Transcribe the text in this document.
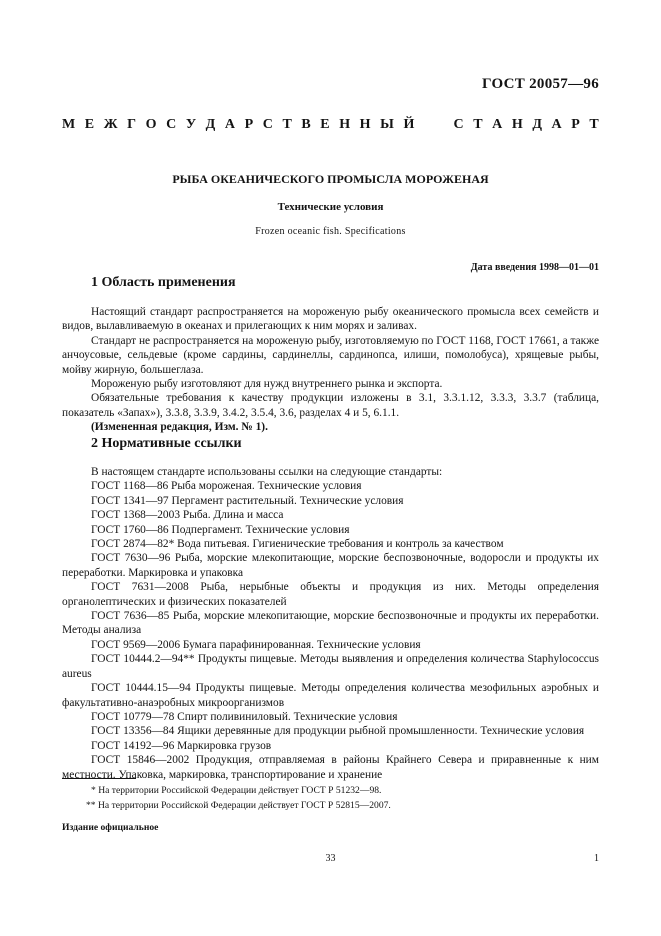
ГОСТ 20057—96
М Е Ж Г О С У Д А Р С Т В Е Н Н Ы Й	С Т А Н Д А Р Т
РЫБА ОКЕАНИЧЕСКОГО ПРОМЫСЛА МОРОЖЕНАЯ
Технические условия
Frozen oceanic fish. Specifications
Дата введения 1998—01—01
1 Область применения

Настоящий стандарт распространяется на мороженую рыбу океанического промысла всех семейств и видов, вылавливаемую в океанах и прилегающих к ним морях и заливах.

Стандарт не распространяется на мороженую рыбу, изготовляемую по ГОСТ 1168, ГОСТ 17661, а также анчоусовые, сельдевые (кроме сардины, сардинеллы, сардинопса, илиши, помолобуса), хрящевые рыбы, мойву жирную, большеглаза.

Мороженую рыбу изготовляют для нужд внутреннего рынка и экспорта.

Обязательные требования к качеству продукции изложены в 3.1, 3.3.1.12, 3.3.3, 3.3.7 (таблица, показатель «Запах»), 3.3.8, 3.3.9, 3.4.2, 3.5.4, 3.6, разделах 4 и 5, 6.1.1.

(Измененная редакция, Изм. № 1).

2 Нормативные ссылки

В настоящем стандарте использованы ссылки на следующие стандарты:

ГОСТ 1168—86 Рыба мороженая. Технические условия

ГОСТ 1341—97 Пергамент растительный. Технические условия

ГОСТ 1368—2003 Рыба. Длина и масса

ГОСТ 1760—86 Подпергамент. Технические условия

ГОСТ 2874—82* Вода питьевая. Гигиенические требования и контроль за качеством

ГОСТ 7630—96 Рыба, морские млекопитающие, морские беспозвоночные, водоросли и продукты их переработки. Маркировка и упаковка

ГОСТ 7631—2008 Рыба, нерыбные объекты и продукция из них. Методы определения органолептических и физических показателей

ГОСТ 7636—85 Рыба, морские млекопитающие, морские беспозвоночные и продукты их переработки. Методы анализа

ГОСТ 9569—2006 Бумага парафинированная. Технические условия

ГОСТ 10444.2—94** Продукты пищевые. Методы выявления и определения количества Staphylococcus aureus

ГОСТ 10444.15—94 Продукты пищевые. Методы определения количества мезофильных аэробных и факультативно-анаэробных микроорганизмов

ГОСТ 10779—78 Спирт поливиниловый. Технические условия

ГОСТ 13356—84 Ящики деревянные для продукции рыбной промышленности. Технические условия

ГОСТ 14192—96 Маркировка грузов

ГОСТ 15846—2002 Продукция, отправляемая в районы Крайнего Севера и приравненные к ним местности. Упаковка, маркировка, транспортирование и хранение

* На территории Российской Федерации действует ГОСТ Р 51232—98.

** На территории Российской Федерации действует ГОСТ Р 52815—2007.

Издание официальное
33	1
